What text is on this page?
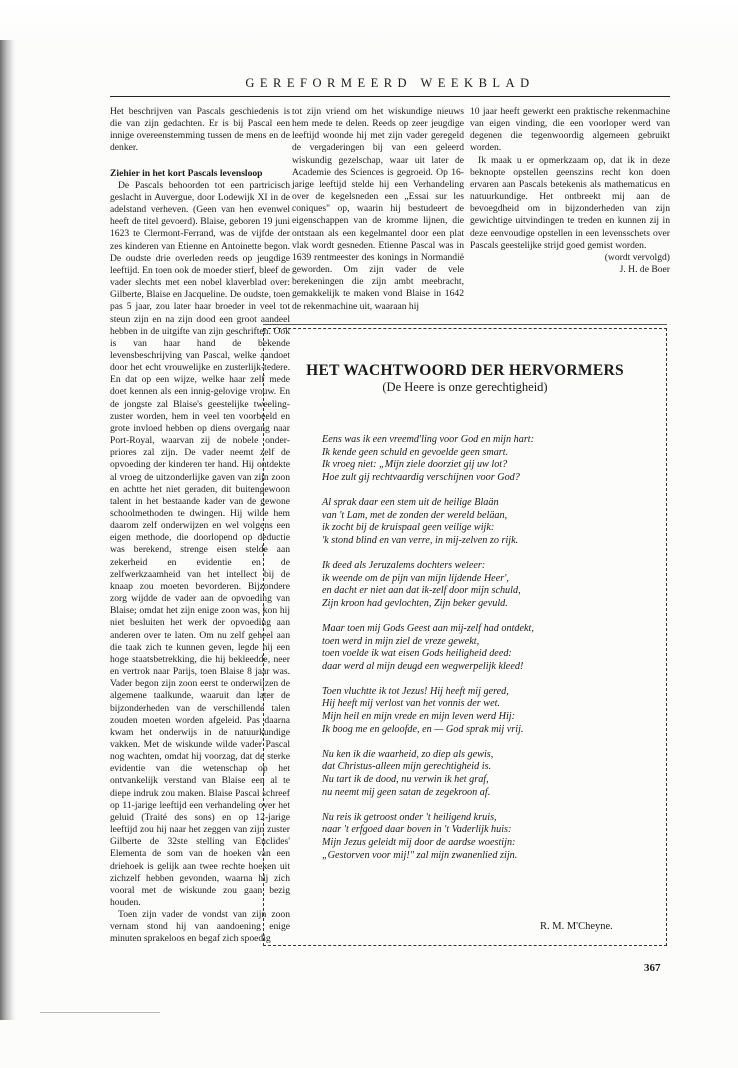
GEREFORMEERD WEEKBLAD

Het beschrijven van Pascals geschiedenis is die van zijn gedachten. Er is bij Pascal een innige overeenstemming tussen de mens en de denker.

Ziehier in het kort Pascals levensloop

De Pascals behoorden tot een partricisch geslacht in Auvergue, door Lodewijk XI in de adelstand verheven. (Geen van hen evenwel heeft de titel gevoerd). Blaise, geboren 19 juni 1623 te Clermont-Ferrand, was de vijfde der zes kinderen van Etienne en Antoinette begon. De oudste drie overleden reeds op jeugdige leeftijd. En toen ook de moeder stierf, bleef de vader slechts met een nobel klaverblad over: Gilberte, Blaise en Jacqueline. De oudste, toen pas 5 jaar, zou later haar broeder in veel tot steun zijn en na zijn dood een groot aandeel hebben in de uitgifte van zijn geschriften. Ook is van haar hand de bekende levensbeschrijving van Pascal, welke aandoet door het echt vrouwelijke en zusterlijk-tedere. En dat op een wijze, welke haar zelf mede doet kennen als een innig-gelovige vrouw. En de jongste zal Blaise's geestelijke tweeling-zuster worden, hem in veel ten voorbeeld en grote invloed hebben op diens overgang naar Port-Royal, waarvan zij de nobele onder-priores zal zijn. De vader neemt zelf de opvoeding der kinderen ter hand. Hij ontdekte al vroeg de uitzonderlijke gaven van zijn zoon en achtte het niet geraden, dit buitengewoon talent in het bestaande kader van de gewone schoolmethoden te dwingen. Hij wilde hem daarom zelf onderwijzen en wel volgens een eigen methode, die doorlopend op deductie was berekend, strenge eisen stelde aan zekerheid en evidentie en de zelfwerkzaamheid van het intellect bij de knaap zou moeten bevorderen. Bijzondere zorg wijdde de vader aan de opvoeding van Blaise; omdat het zijn enige zoon was, kon hij niet besluiten het werk der opvoeding aan anderen over te laten. Om nu zelf geheel aan die taak zich te kunnen geven, legde hij een hoge staatsbetrekking, die hij bekleedde, neer en vertrok naar Parijs, toen Blaise 8 jaar was. Vader begon zijn zoon eerst te onderwijzen de algemene taalkunde, waaruit dan later de bijzonderheden van de verschillende talen zouden moeten worden afgeleid. Pas daarna kwam het onderwijs in de natuurkundige vakken. Met de wiskunde wilde vader Pascal nog wachten, omdat hij voorzag, dat de sterke evidentie van die wetenschap op het ontvankelijk verstand van Blaise een al te diepe indruk zou maken. Blaise Pascal schreef op 11-jarige leeftijd een verhandeling over het geluid (Traité des sons) en op 12-jarige leeftijd zou hij naar het zeggen van zijn zuster Gilberte de 32ste stelling van Euclides' Elementa de som van de hoeken van een driehoek is gelijk aan twee rechte hoeken uit zichzelf hebben gevonden, waarna hij zich vooral met de wiskunde zou gaan bezig houden.

Toen zijn vader de vondst van zijn zoon vernam stond hij van aandoening enige minuten sprakeloos en begaf zich spoedig

tot zijn vriend om het wiskundige nieuws hem mede te delen. Reeds op zeer jeugdige leeftijd woonde hij met zijn vader geregeld de vergaderingen bij van een geleerd wiskundig gezelschap, waar uit later de Academie des Sciences is gegroeid. Op 16-jarige leeftijd stelde hij een Verhandeling over de kegelsneden een „Essai sur les coniques" op, waarin hij bestudeert de eigenschappen van de kromme lijnen, die ontstaan als een kegelmantel door een plat vlak wordt gesneden. Etienne Pascal was in 1639 rentmeester des konings in Normandië geworden. Om zijn vader de vele berekeningen die zijn ambt meebracht, gemakkelijk te maken vond Blaise in 1642 de rekenmachine uit, waaraan hij

10 jaar heeft gewerkt een praktische rekenmachine van eigen vinding, die een voorloper werd van degenen die tegenwoordig algemeen gebruikt worden.

Ik maak u er opmerkzaam op, dat ik in deze beknopte opstellen geenszins recht kon doen ervaren aan Pascals betekenis als mathematicus en natuurkundige. Het ontbreekt mij aan de bevoegdheid om in bijzonderheden van zijn gewichtige uitvindingen te treden en kunnen zij in deze eenvoudige opstellen in een levensschets over Pascals geestelijke strijd goed gemist worden.

(wordt vervolgd)

J. H. de Boer

HET WACHTWOORD DER HERVORMERS
(De Heere is onze gerechtigheid)
Eens was ik een vreemd'ling voor God en mijn hart:
Ik kende geen schuld en gevoelde geen smart.
Ik vroeg niet: „Mijn ziele doorziet gij uw lot?
Hoe zult gij rechtvaardig verschijnen voor God?
Al sprak daar een stem uit de heilige Blaän
van 't Lam, met de zonden der wereld beläan,
ik zocht bij de kruispaal geen veilige wijk:
'k stond blind en van verre, in mij-zelven zo rijk.
Ik deed als Jeruzalems dochters weleer:
ik weende om de pijn van mijn lijdende Heer',
en dacht er niet aan dat ik-zelf door mijn schuld,
Zijn kroon had gevlochten, Zijn beker gevuld.
Maar toen mij Gods Geest aan mij-zelf had ontdekt,
toen werd in mijn ziel de vreze gewekt,
toen voelde ik wat eisen Gods heiligheid deed:
daar werd al mijn deugd een wegwerpelijk kleed!
Toen vluchtte ik tot Jezus! Hij heeft mij gered,
Hij heeft mij verlost van het vonnis der wet.
Mijn heil en mijn vrede en mijn leven werd Hij:
Ik boog me en geloofde, en — God sprak mij vrij.
Nu ken ik die waarheid, zo diep als gewis,
dat Christus-alleen mijn gerechtigheid is.
Nu tart ik de dood, nu verwin ik het graf,
nu neemt mij geen satan de zegekroon af.
Nu reis ik getroost onder 't heiligend kruis,
naar 't erfgoed daar boven in 't Vaderlijk huis:
Mijn Jezus geleidt mij door de aardse woestijn:
„Gestorven voor mij!" zal mijn zwanenlied zijn.
R. M. M'Cheyne.
367
